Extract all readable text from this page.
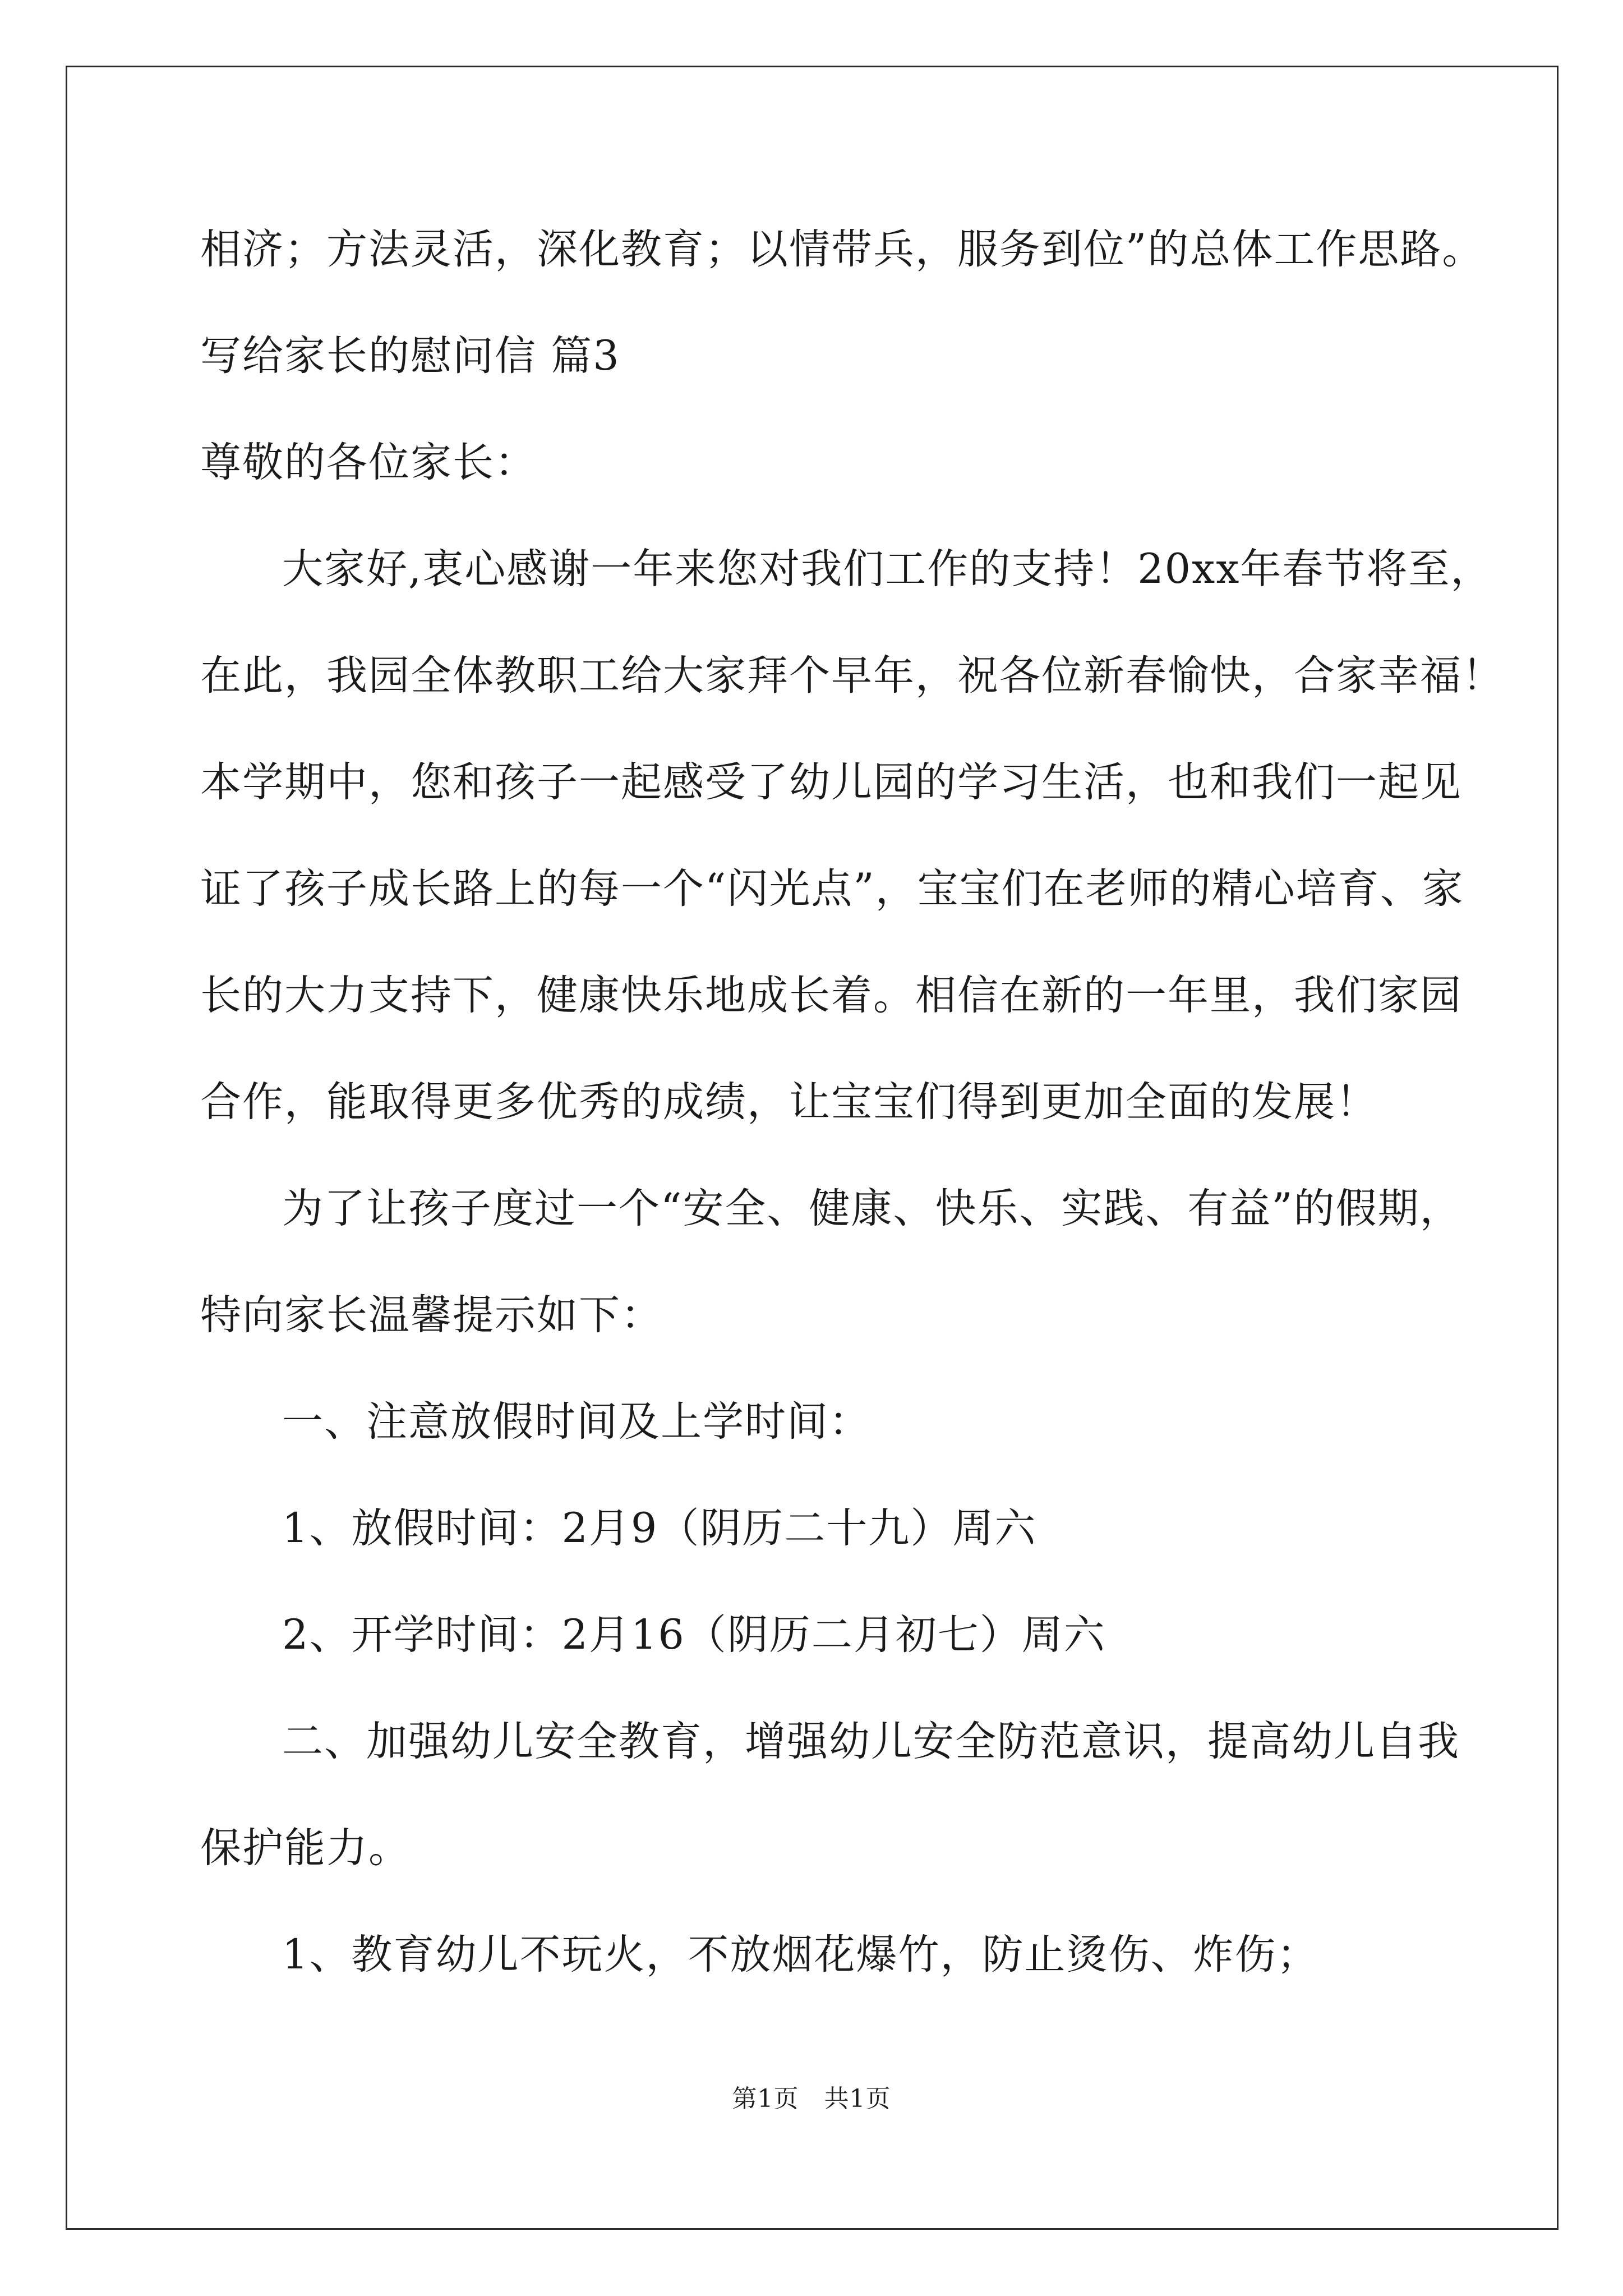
相济；方法灵活，深化教育；以情带兵，服务到位”的总体工作思路。
写给家长的慰问信 篇3
尊敬的各位家长：
大家好,衷心感谢一年来您对我们工作的支持！20xx年春节将至，
在此，我园全体教职工给大家拜个早年，祝各位新春愉快，合家幸福！
本学期中，您和孩子一起感受了幼儿园的学习生活，也和我们一起见
证了孩子成长路上的每一个“闪光点”，宝宝们在老师的精心培育、家
长的大力支持下，健康快乐地成长着。相信在新的一年里，我们家园
合作，能取得更多优秀的成绩，让宝宝们得到更加全面的发展！
为了让孩子度过一个“安全、健康、快乐、实践、有益”的假期，
特向家长温馨提示如下：
一、注意放假时间及上学时间：
1、放假时间：2月9（阴历二十九）周六
2、开学时间：2月16（阴历二月初七）周六
二、加强幼儿安全教育，增强幼儿安全防范意识，提高幼儿自我
保护能力。
1、教育幼儿不玩火，不放烟花爆竹，防止烫伤、炸伤；
第1页　共1页
